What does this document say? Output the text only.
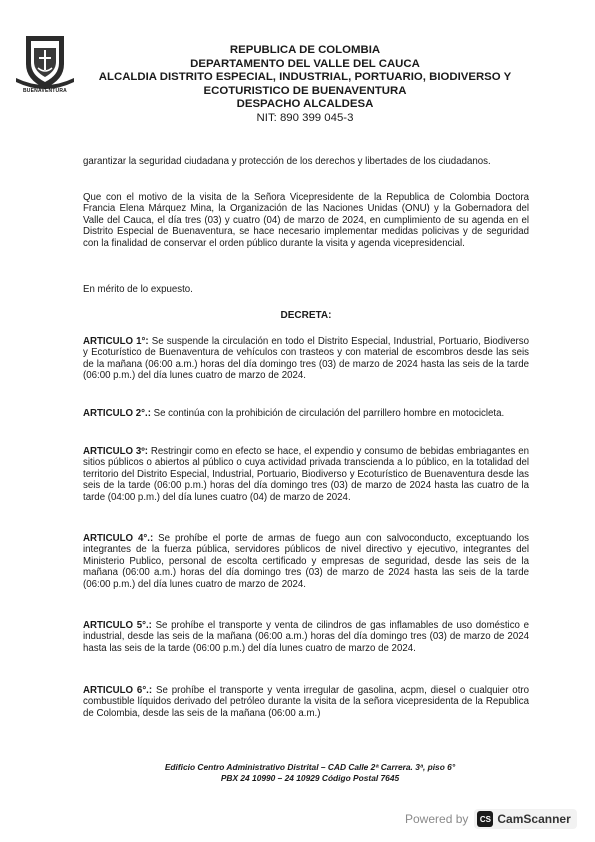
BUENAVENTURA
REPUBLICA DE COLOMBIA
DEPARTAMENTO DEL VALLE DEL CAUCA
ALCALDIA DISTRITO ESPECIAL, INDUSTRIAL, PORTUARIO, BIODIVERSO Y
ECOTURISTICO DE BUENAVENTURA
DESPACHO ALCALDESA
NIT: 890 399 045-3

garantizar la seguridad ciudadana y protección de los derechos y libertades de los ciudadanos.

Que con el motivo de la visita de la Señora Vicepresidente de la Republica de Colombia Doctora Francia Elena Márquez Mina, la Organización de las Naciones Unidas (ONU) y la Gobernadora del Valle del Cauca, el día tres (03) y cuatro (04) de marzo de 2024, en cumplimiento de su agenda en el Distrito Especial de Buenaventura, se hace necesario implementar medidas policivas y de seguridad con la finalidad de conservar el orden público durante la visita y agenda vicepresidencial.

En mérito de lo expuesto.

DECRETA:

ARTICULO 1°: Se suspende la circulación en todo el Distrito Especial, Industrial, Portuario, Biodiverso y Ecoturístico de Buenaventura de vehículos con trasteos y con material de escombros desde las seis de la mañana (06:00 a.m.) horas del día domingo tres (03) de marzo de 2024 hasta las seis de la tarde (06:00 p.m.) del día lunes cuatro de marzo de 2024.

ARTICULO 2°.: Se continúa con la prohibición de circulación del parrillero hombre en motocicleta.

ARTICULO 3º: Restringir como en efecto se hace, el expendio y consumo de bebidas embriagantes en sitios públicos o abiertos al público o cuya actividad privada transcienda a lo público, en la totalidad del territorio del Distrito Especial, Industrial, Portuario, Biodiverso y Ecoturístico de Buenaventura desde las seis de la tarde (06:00 p.m.) horas del día domingo tres (03) de marzo de 2024 hasta las cuatro de la tarde (04:00 p.m.) del día lunes cuatro (04) de marzo de 2024.

ARTICULO 4°.: Se prohíbe el porte de armas de fuego aun con salvoconducto, exceptuando los integrantes de la fuerza pública, servidores públicos de nivel directivo y ejecutivo, integrantes del Ministerio Publico, personal de escolta certificado y empresas de seguridad, desde las seis de la mañana (06:00 a.m.) horas del día domingo tres (03) de marzo de 2024 hasta las seis de la tarde (06:00 p.m.) del día lunes cuatro de marzo de 2024.

ARTICULO 5°.: Se prohíbe el transporte y venta de cilindros de gas inflamables de uso doméstico e industrial, desde las seis de la mañana (06:00 a.m.) horas del día domingo tres (03) de marzo de 2024 hasta las seis de la tarde (06:00 p.m.) del día lunes cuatro de marzo de 2024.

ARTICULO 6°.: Se prohíbe el transporte y venta irregular de gasolina, acpm, diesel o cualquier otro combustible líquidos derivado del petróleo durante la visita de la señora vicepresidenta de la Republica de Colombia, desde las seis de la mañana (06:00 a.m.)

Edificio Centro Administrativo Distrital – CAD Calle 2ª Carrera. 3ª, piso 6°
PBX 24 10990 – 24 10929 Código Postal 7645
Powered by	CS CamScanner
